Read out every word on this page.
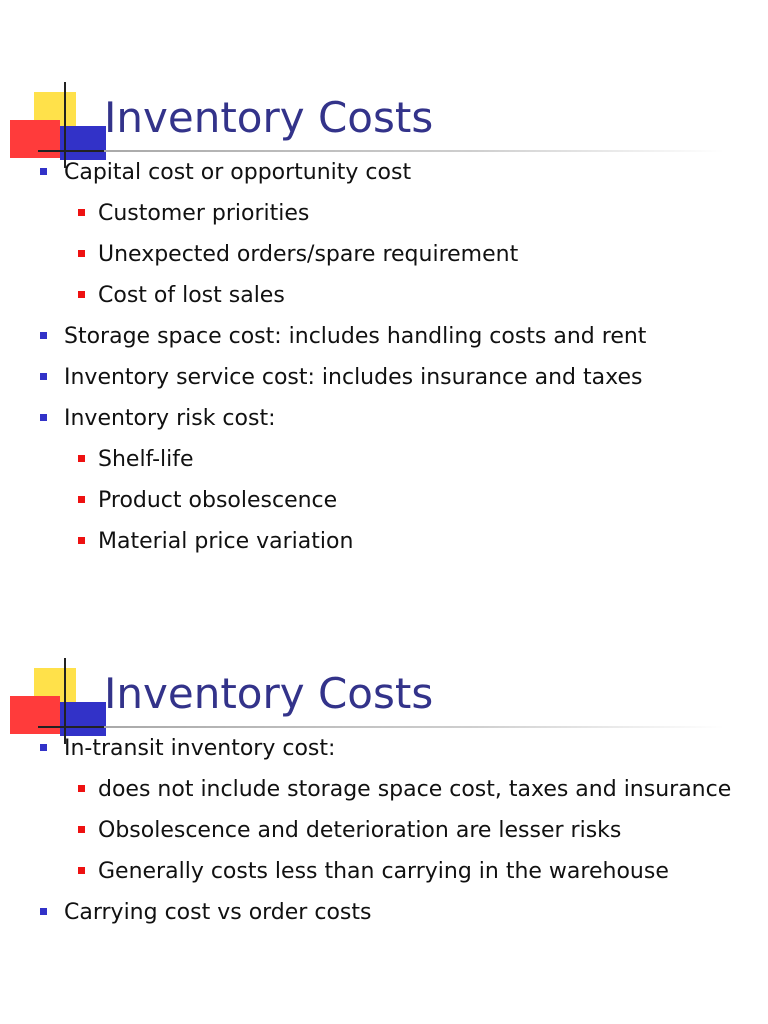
Inventory Costs
Capital cost or opportunity cost
Customer priorities
Unexpected orders/spare requirement
Cost of lost sales
Storage space cost: includes handling costs and rent
Inventory service cost: includes insurance and taxes
Inventory risk cost:
Shelf-life
Product obsolescence
Material price variation
Inventory Costs
In-transit inventory cost:
does not include storage space cost, taxes and insurance
Obsolescence and deterioration are lesser risks
Generally costs less than carrying in the warehouse
Carrying cost vs order costs
